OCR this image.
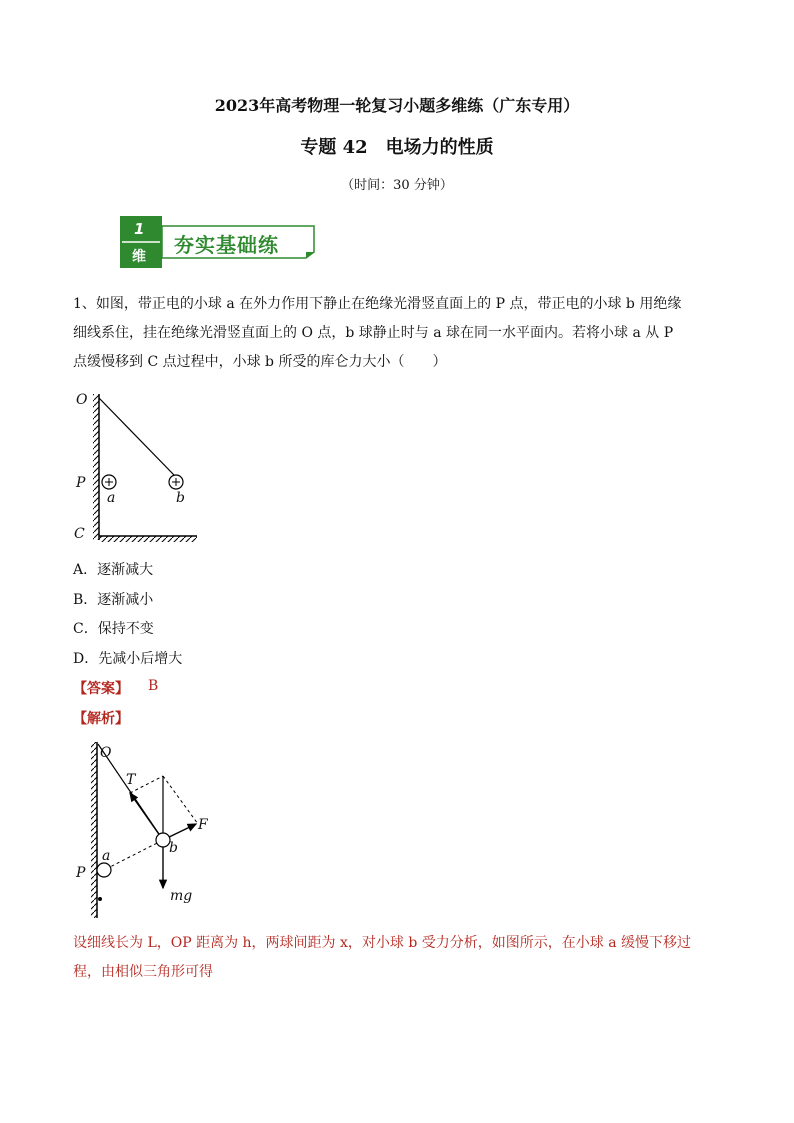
2023年高考物理一轮复习小题多维练（广东专用）
专题 42　电场力的性质
（时间：30 分钟）
1
维 夯实基础练
1、如图，带正电的小球 a 在外力作用下静止在绝缘光滑竖直面上的 P 点，带正电的小球 b 用绝缘
细线系住，挂在绝缘光滑竖直面上的 O 点，b 球静止时与 a 球在同一水平面内。若将小球 a 从 P
点缓慢移到 C 点过程中，小球 b 所受的库仑力大小（　　）
O
P
C
a	b
A．逐渐减大
B．逐渐减小
C．保持不变
D．先减小后增大
【答案】 B
【解析】
O
T
F
a	b
P
mg
设细线长为 L，OP 距离为 h，两球间距为 x，对小球 b 受力分析，如图所示，在小球 a 缓慢下移过
程，由相似三角形可得
